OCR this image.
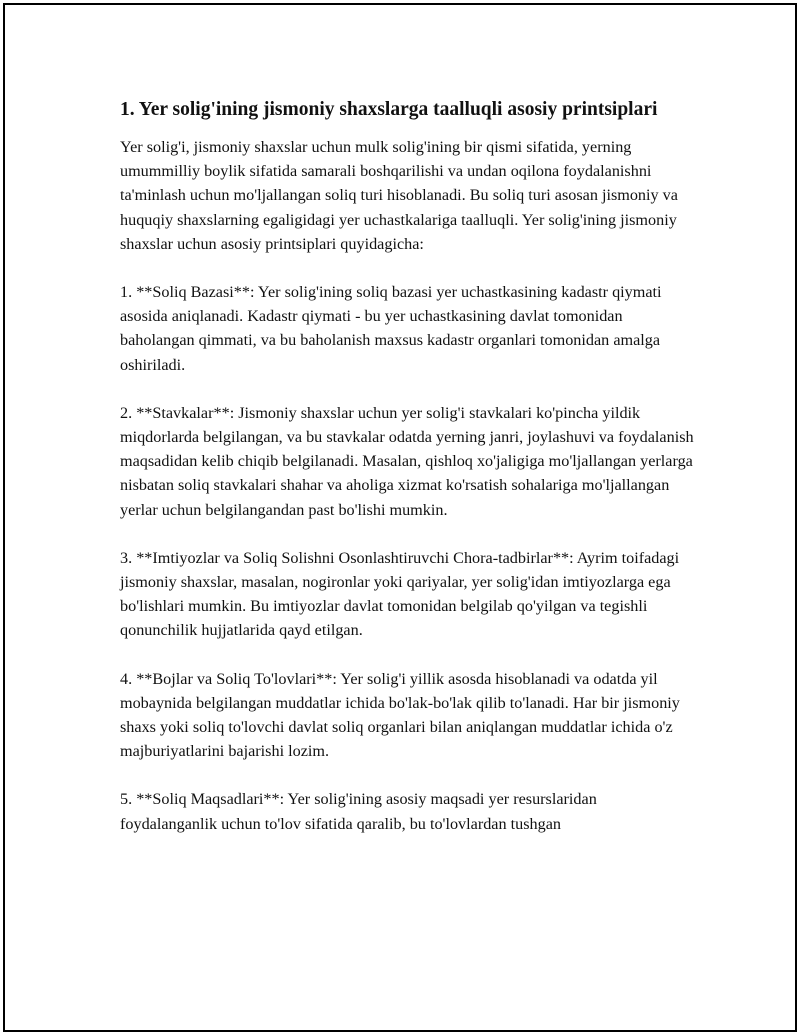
1. Yer solig'ining jismoniy shaxslarga taalluqli asosiy printsiplari

Yer solig'i, jismoniy shaxslar uchun mulk solig'ining bir qismi sifatida, yerning umummilliy boylik sifatida samarali boshqarilishi va undan oqilona foydalanishni ta'minlash uchun mo'ljallangan soliq turi hisoblanadi. Bu soliq turi asosan jismoniy va huquqiy shaxslarning egaligidagi yer uchastkalariga taalluqli. Yer solig'ining jismoniy shaxslar uchun asosiy printsiplari quyidagicha:

1. **Soliq Bazasi**: Yer solig'ining soliq bazasi yer uchastkasining kadastr qiymati asosida aniqlanadi. Kadastr qiymati - bu yer uchastkasining davlat tomonidan baholangan qimmati, va bu baholanish maxsus kadastr organlari tomonidan amalga oshiriladi.

2. **Stavkalar**: Jismoniy shaxslar uchun yer solig'i stavkalari ko'pincha yildik miqdorlarda belgilangan, va bu stavkalar odatda yerning janri, joylashuvi va foydalanish maqsadidan kelib chiqib belgilanadi. Masalan, qishloq xo'jaligiga mo'ljallangan yerlarga nisbatan soliq stavkalari shahar va aholiga xizmat ko'rsatish sohalariga mo'ljallangan yerlar uchun belgilangandan past bo'lishi mumkin.

3. **Imtiyozlar va Soliq Solishni Osonlashtiruvchi Chora-tadbirlar**: Ayrim toifadagi jismoniy shaxslar, masalan, nogironlar yoki qariyalar, yer solig'idan imtiyozlarga ega bo'lishlari mumkin. Bu imtiyozlar davlat tomonidan belgilab qo'yilgan va tegishli qonunchilik hujjatlarida qayd etilgan.

4. **Bojlar va Soliq To'lovlari**: Yer solig'i yillik asosda hisoblanadi va odatda yil mobaynida belgilangan muddatlar ichida bo'lak-bo'lak qilib to'lanadi. Har bir jismoniy shaxs yoki soliq to'lovchi davlat soliq organlari bilan aniqlangan muddatlar ichida o'z majburiyatlarini bajarishi lozim.

5. **Soliq Maqsadlari**: Yer solig'ining asosiy maqsadi yer resurslaridan foydalanganlik uchun to'lov sifatida qaralib, bu to'lovlardan tushgan
